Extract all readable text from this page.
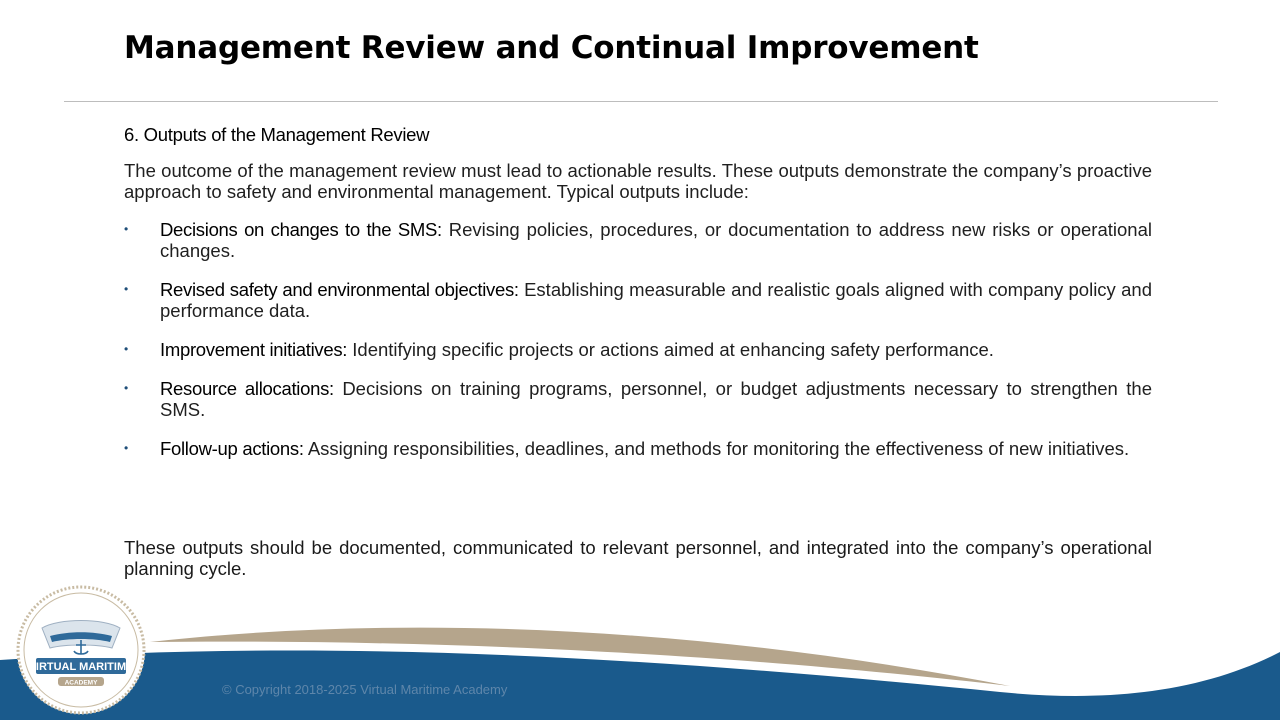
Management Review and Continual Improvement
6. Outputs of the Management Review

The outcome of the management review must lead to actionable results. These outputs demonstrate the company’s proactive approach to safety and environmental management. Typical outputs include:

• Decisions on changes to the SMS: Revising policies, procedures, or documentation to address new risks or operational changes.
• Revised safety and environmental objectives: Establishing measurable and realistic goals aligned with company policy and performance data.
• Improvement initiatives: Identifying specific projects or actions aimed at enhancing safety performance.
• Resource allocations: Decisions on training programs, personnel, or budget adjustments necessary to strengthen the SMS.
• Follow-up actions: Assigning responsibilities, deadlines, and methods for monitoring the effectiveness of new initiatives.

These outputs should be documented, communicated to relevant personnel, and integrated into the company’s operational planning cycle.

© Copyright 2018-2025 Virtual Maritime Academy
VIRTUAL MARITIME
ACADEMY
